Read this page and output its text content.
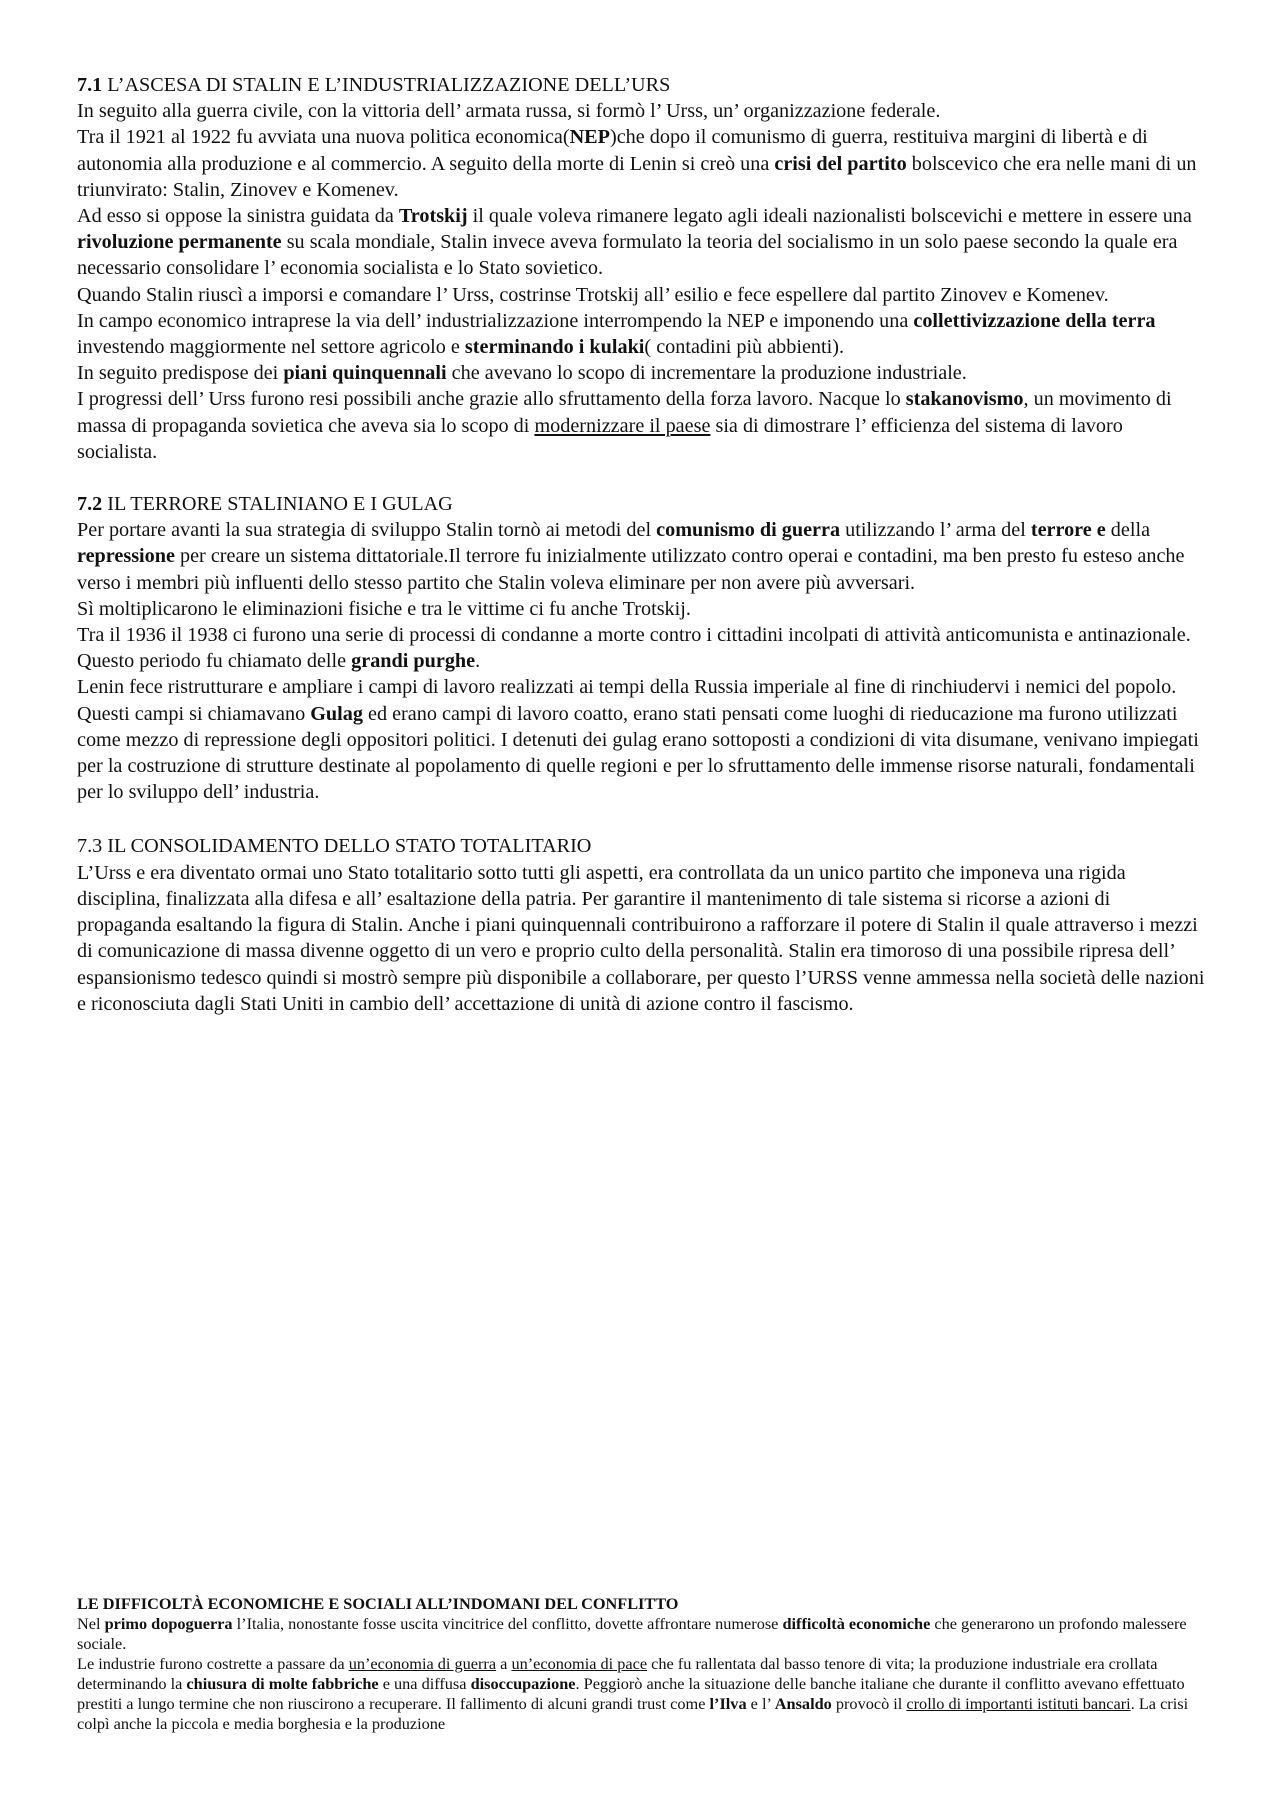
7.1 L’ASCESA DI STALIN E L’INDUSTRIALIZZAZIONE DELL’URS

In seguito alla guerra civile, con la vittoria dell’ armata russa, si formò l’ Urss, un’ organizzazione federale.

Tra il 1921 al 1922 fu avviata una nuova politica economica(NEP)che dopo il comunismo di guerra, restituiva margini di libertà e di autonomia alla produzione e al commercio. A seguito della morte di Lenin si creò una crisi del partito bolscevico che era nelle mani di un triunvirato: Stalin, Zinovev e Komenev.

Ad esso si oppose la sinistra guidata da Trotskij il quale voleva rimanere legato agli ideali nazionalisti bolscevichi e mettere in essere una rivoluzione permanente su scala mondiale, Stalin invece aveva formulato la teoria del socialismo in un solo paese secondo la quale era necessario consolidare l’ economia socialista e lo Stato sovietico.

Quando Stalin riuscì a imporsi e comandare l’ Urss, costrinse Trotskij all’ esilio e fece espellere dal partito Zinovev e Komenev.

In campo economico intraprese la via dell’ industrializzazione interrompendo la NEP e imponendo una collettivizzazione della terra investendo maggiormente nel settore agricolo e sterminando i kulaki( contadini più abbienti).

In seguito predispose dei piani quinquennali che avevano lo scopo di incrementare la produzione industriale.

I progressi dell’ Urss furono resi possibili anche grazie allo sfruttamento della forza lavoro. Nacque lo stakanovismo, un movimento di massa di propaganda sovietica che aveva sia lo scopo di modernizzare il paese sia di dimostrare l’ efficienza del sistema di lavoro socialista.

7.2 IL TERRORE STALINIANO E I GULAG

Per portare avanti la sua strategia di sviluppo Stalin tornò ai metodi del comunismo di guerra utilizzando l’ arma del terrore e della repressione per creare un sistema dittatoriale.Il terrore fu inizialmente utilizzato contro operai e contadini, ma ben presto fu esteso anche verso i membri più influenti dello stesso partito che Stalin voleva eliminare per non avere più avversari.

Sì moltiplicarono le eliminazioni fisiche e tra le vittime ci fu anche Trotskij.

Tra il 1936 il 1938 ci furono una serie di processi di condanne a morte contro i cittadini incolpati di attività anticomunista e antinazionale. Questo periodo fu chiamato delle grandi purghe.

Lenin fece ristrutturare e ampliare i campi di lavoro realizzati ai tempi della Russia imperiale al fine di rinchiudervi i nemici del popolo. Questi campi si chiamavano Gulag ed erano campi di lavoro coatto, erano stati pensati come luoghi di rieducazione ma furono utilizzati come mezzo di repressione degli oppositori politici. I detenuti dei gulag erano sottoposti a condizioni di vita disumane, venivano impiegati per la costruzione di strutture destinate al popolamento di quelle regioni e per lo sfruttamento delle immense risorse naturali, fondamentali per lo sviluppo dell’ industria.

7.3 IL CONSOLIDAMENTO DELLO STATO TOTALITARIO

L’Urss e era diventato ormai uno Stato totalitario sotto tutti gli aspetti, era controllata da un unico partito che imponeva una rigida disciplina, finalizzata alla difesa e all’ esaltazione della patria. Per garantire il mantenimento di tale sistema si ricorse a azioni di propaganda esaltando la figura di Stalin. Anche i piani quinquennali contribuirono a rafforzare il potere di Stalin il quale attraverso i mezzi di comunicazione di massa divenne oggetto di un vero e proprio culto della personalità. Stalin era timoroso di una possibile ripresa dell’ espansionismo tedesco quindi si mostrò sempre più disponibile a collaborare, per questo l’URSS venne ammessa nella società delle nazioni e riconosciuta dagli Stati Uniti in cambio dell’ accettazione di unità di azione contro il fascismo.

LE DIFFICOLTÀ ECONOMICHE E SOCIALI ALL’INDOMANI DEL CONFLITTO

Nel primo dopoguerra l’Italia, nonostante fosse uscita vincitrice del conflitto, dovette affrontare numerose difficoltà economiche che generarono un profondo malessere sociale.

Le industrie furono costrette a passare da un’economia di guerra a un’economia di pace che fu rallentata dal basso tenore di vita; la produzione industriale era crollata determinando la chiusura di molte fabbriche e una diffusa disoccupazione. Peggiorò anche la situazione delle banche italiane che durante il conflitto avevano effettuato prestiti a lungo termine che non riuscirono a recuperare. Il fallimento di alcuni grandi trust come l’Ilva e l’ Ansaldo provocò il crollo di importanti istituti bancari. La crisi colpì anche la piccola e media borghesia e la produzione
